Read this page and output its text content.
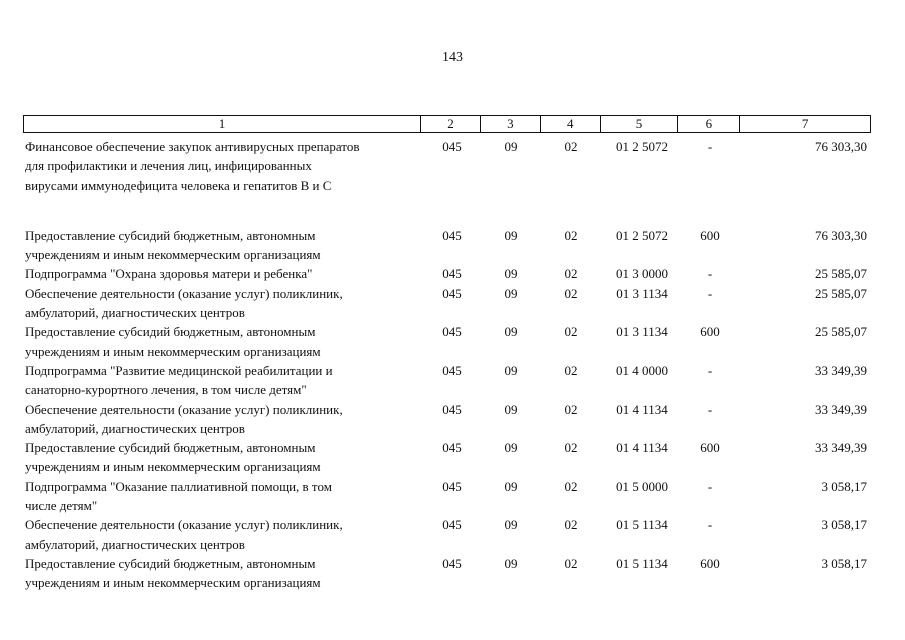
143
1	2	3	4	5	6	7
Финансовое обеспечение закупок антивирусных препаратов
для профилактики и лечения лиц, инфицированных
вирусами иммунодефицита человека и гепатитов В и С
045	09	02	01 2 5072	-	76 303,30
Предоставление субсидий бюджетным, автономным
учреждениям и иным некоммерческим организациям
045	09	02	01 2 5072	600	76 303,30
Подпрограмма "Охрана здоровья матери и ребенка"	045	09	02	01 3 0000	-	25 585,07
Обеспечение деятельности (оказание услуг) поликлиник,
амбулаторий, диагностических центров
045	09	02	01 3 1134	-	25 585,07
Предоставление субсидий бюджетным, автономным
учреждениям и иным некоммерческим организациям
045	09	02	01 3 1134	600	25 585,07
Подпрограмма "Развитие медицинской реабилитации и
санаторно-курортного лечения, в том числе детям"
045	09	02	01 4 0000	-	33 349,39
Обеспечение деятельности (оказание услуг) поликлиник,
амбулаторий, диагностических центров
045	09	02	01 4 1134	-	33 349,39
Предоставление субсидий бюджетным, автономным
учреждениям и иным некоммерческим организациям
045	09	02	01 4 1134	600	33 349,39
Подпрограмма "Оказание паллиативной помощи, в том
числе детям"
045	09	02	01 5 0000	-	3 058,17
Обеспечение деятельности (оказание услуг) поликлиник,
амбулаторий, диагностических центров
045	09	02	01 5 1134	-	3 058,17
Предоставление субсидий бюджетным, автономным
учреждениям и иным некоммерческим организациям
045	09	02	01 5 1134	600	3 058,17
